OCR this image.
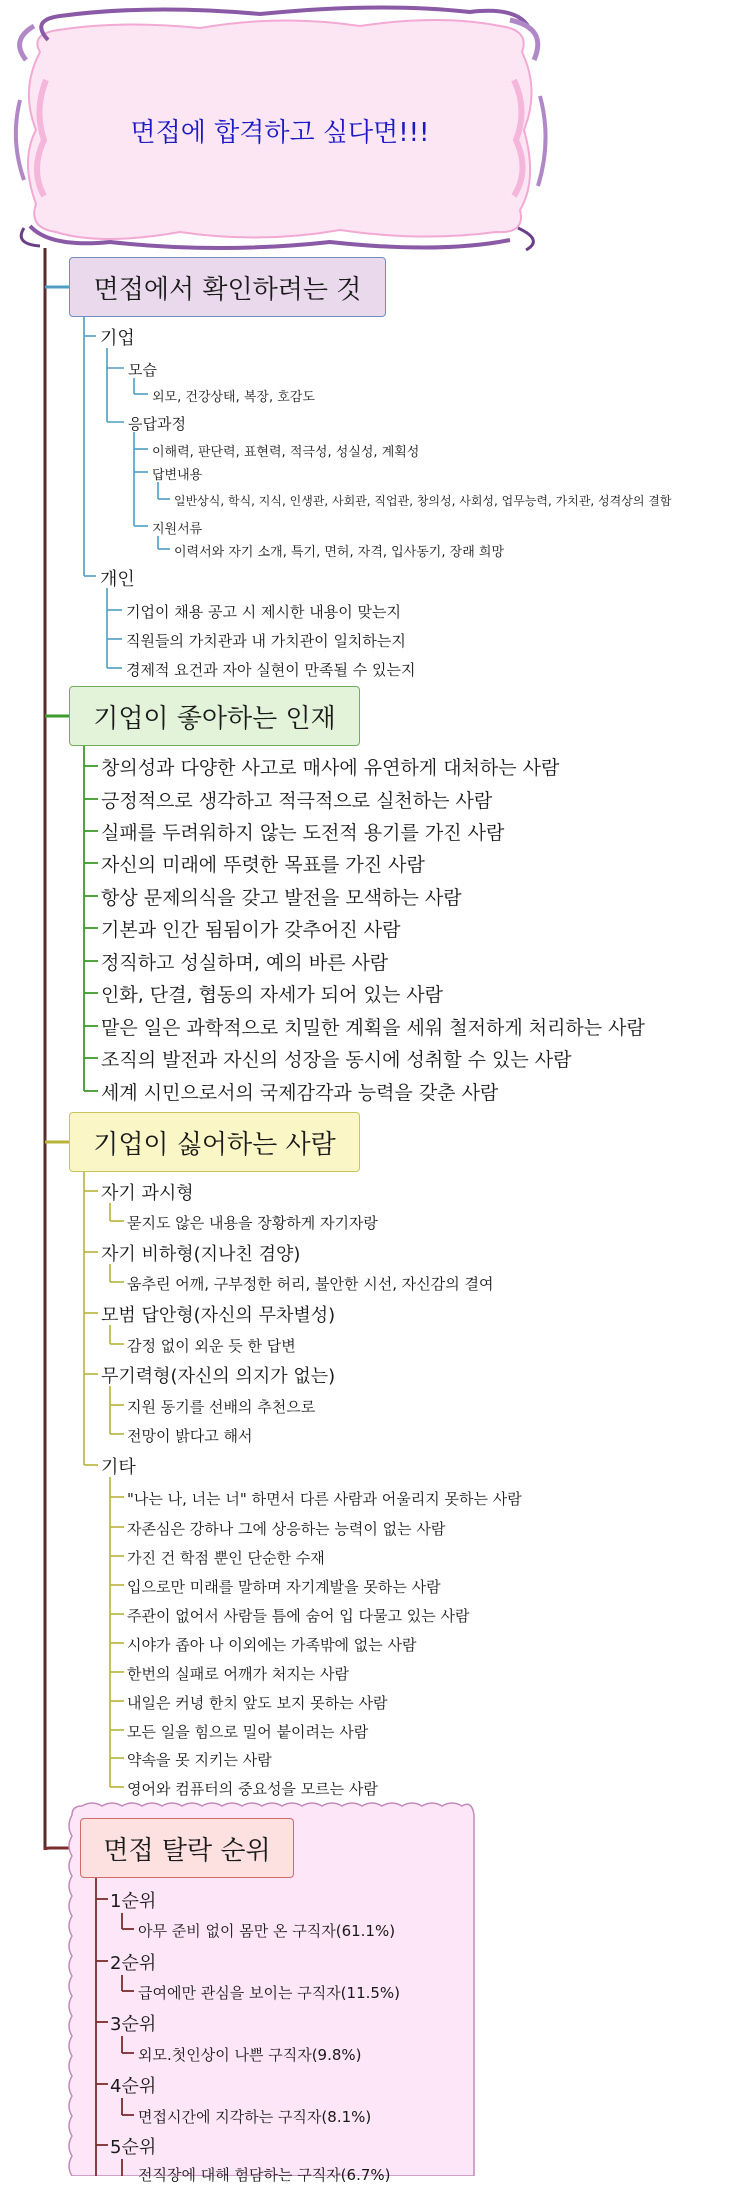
면접에 합격하고 싶다면!!!
면접에서 확인하려는 것
기업
모습
외모, 건강상태, 복장, 호감도
응답과정
이해력, 판단력, 표현력, 적극성, 성실성, 계획성
답변내용
일반상식, 학식, 지식, 인생관, 사회관, 직업관, 창의성, 사회성, 업무능력, 가치관, 성격상의 결함
지원서류
이력서와 자기 소개, 특기, 면허, 자격, 입사동기, 장래 희망
개인
기업이 채용 공고 시 제시한 내용이 맞는지
직원들의 가치관과 내 가치관이 일치하는지
경제적 요건과 자아 실현이 만족될 수 있는지
기업이 좋아하는 인재
창의성과 다양한 사고로 매사에 유연하게 대처하는 사람
긍정적으로 생각하고 적극적으로 실천하는 사람
실패를 두려워하지 않는 도전적 용기를 가진 사람
자신의 미래에 뚜렷한 목표를 가진 사람
항상 문제의식을 갖고 발전을 모색하는 사람
기본과 인간 됨됨이가 갖추어진 사람
정직하고 성실하며, 예의 바른 사람
인화, 단결, 협동의 자세가 되어 있는 사람
맡은 일은 과학적으로 치밀한 계획을 세워 철저하게 처리하는 사람
조직의 발전과 자신의 성장을 동시에 성취할 수 있는 사람
세계 시민으로서의 국제감각과 능력을 갖춘 사람
기업이 싫어하는 사람
자기 과시형
묻지도 않은 내용을 장황하게 자기자랑
자기 비하형(지나친 겸양)
움추린 어깨, 구부정한 허리, 불안한 시선, 자신감의 결여
모범 답안형(자신의 무차별성)
감정 없이 외운 듯 한 답변
무기력형(자신의 의지가 없는)
지원 동기를 선배의 추천으로
전망이 밝다고 해서
기타
"나는 나, 너는 너" 하면서 다른 사람과 어울리지 못하는 사람
자존심은 강하나 그에 상응하는 능력이 없는 사람
가진 건 학점 뿐인 단순한 수재
입으로만 미래를 말하며 자기계발을 못하는 사람
주관이 없어서 사람들 틈에 숨어 입 다물고 있는 사람
시야가 좁아 나 이외에는 가족밖에 없는 사람
한번의 실패로 어깨가 처지는 사람
내일은 커녕 한치 앞도 보지 못하는 사람
모든 일을 힘으로 밀어 붙이려는 사람
약속을 못 지키는 사람
영어와 컴퓨터의 중요성을 모르는 사람
면접 탈락 순위
1순위
아무 준비 없이 몸만 온 구직자(61.1%)
2순위
급여에만 관심을 보이는 구직자(11.5%)
3순위
외모.첫인상이 나쁜 구직자(9.8%)
4순위
면접시간에 지각하는 구직자(8.1%)
5순위
전직장에 대해 험담하는 구직자(6.7%)
